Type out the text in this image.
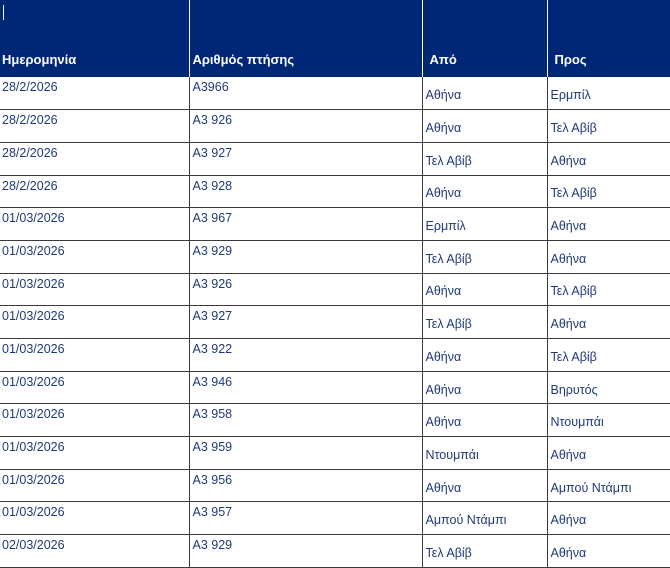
Ημερομηνία	Αριθμός πτήσης	Από	Προς
28/2/2026	A3966	Αθήνα	Ερμπίλ
28/2/2026	A3 926	Αθήνα	Τελ Αβίβ
28/2/2026	A3 927	Τελ Αβίβ	Αθήνα
28/2/2026	A3 928	Αθήνα	Τελ Αβίβ
01/03/2026	A3 967	Ερμπίλ	Αθήνα
01/03/2026	A3 929	Τελ Αβίβ	Αθήνα
01/03/2026	A3 926	Αθήνα	Τελ Αβίβ
01/03/2026	A3 927	Τελ Αβίβ	Αθήνα
01/03/2026	A3 922	Αθήνα	Τελ Αβίβ
01/03/2026	A3 946	Αθήνα	Βηρυτός
01/03/2026	A3 958	Αθήνα	Ντουμπάι
01/03/2026	A3 959	Ντουμπάι	Αθήνα
01/03/2026	A3 956	Αθήνα	Αμπού Ντάμπι
01/03/2026	A3 957	Αμπού Ντάμπι	Αθήνα
02/03/2026	A3 929	Τελ Αβίβ	Αθήνα
